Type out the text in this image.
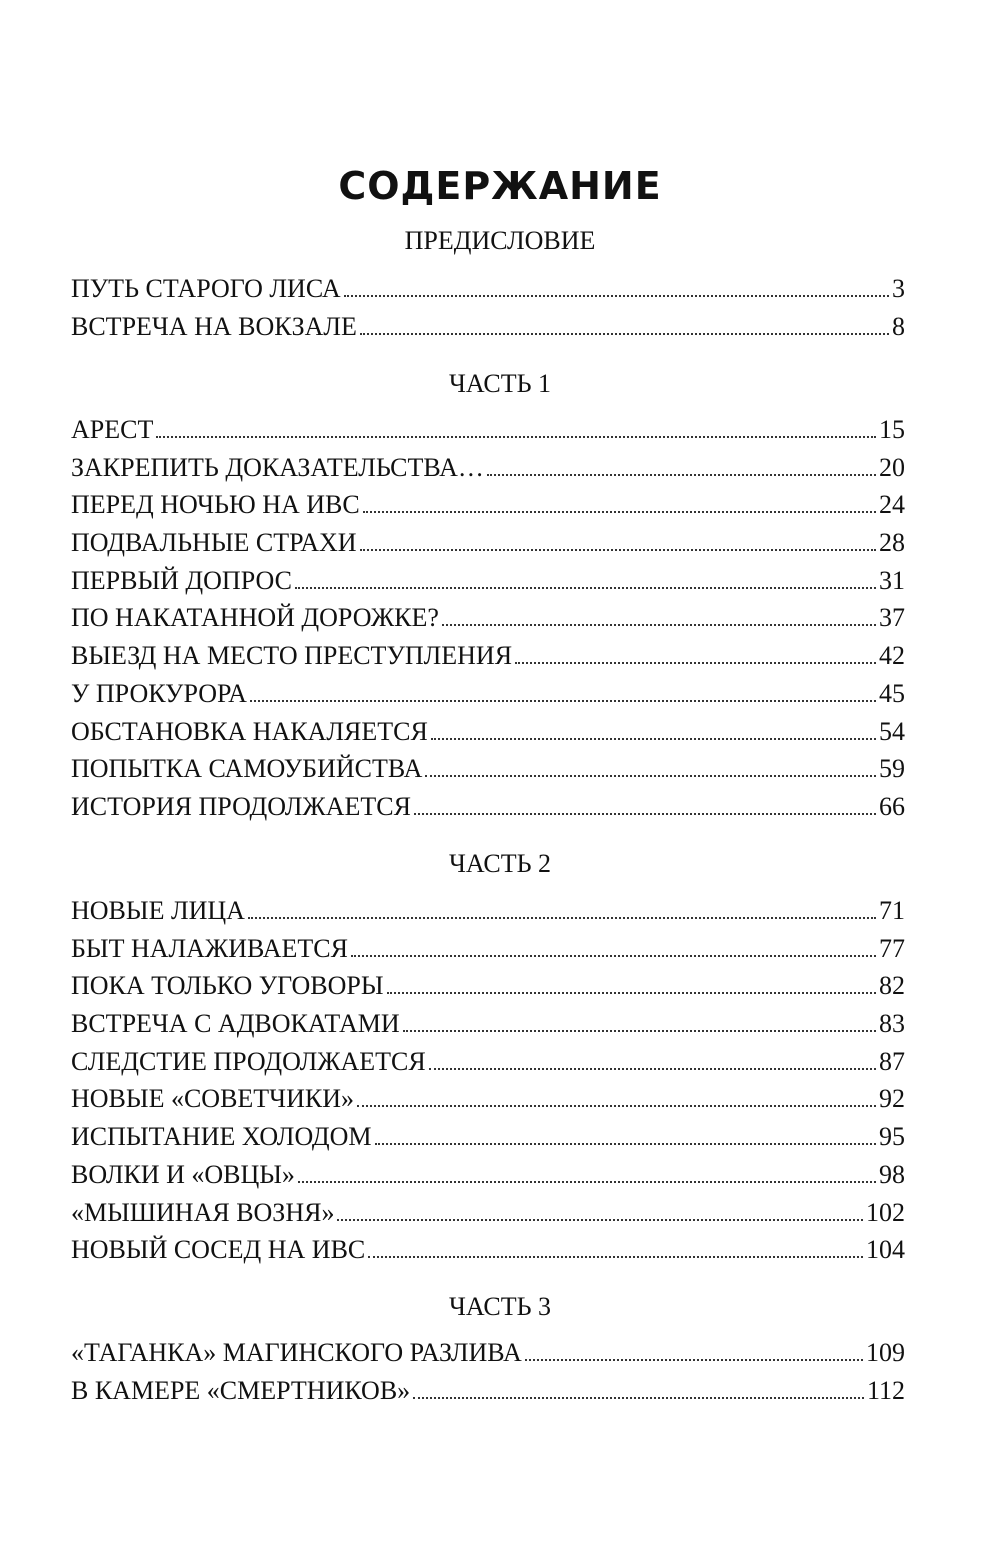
СОДЕРЖАНИЕ
ПРЕДИСЛОВИЕ
ПУТЬ СТАРОГО ЛИСА	3
ВСТРЕЧА НА ВОКЗАЛЕ	8
ЧАСТЬ 1
АРЕСТ	15
ЗАКРЕПИТЬ ДОКАЗАТЕЛЬСТВА…	20
ПЕРЕД НОЧЬЮ НА ИВС	24
ПОДВАЛЬНЫЕ СТРАХИ	28
ПЕРВЫЙ ДОПРОС	31
ПО НАКАТАННОЙ ДОРОЖКЕ?	37
ВЫЕЗД НА МЕСТО ПРЕСТУПЛЕНИЯ	42
У ПРОКУРОРА	45
ОБСТАНОВКА НАКАЛЯЕТСЯ	54
ПОПЫТКА САМОУБИЙСТВА	59
ИСТОРИЯ ПРОДОЛЖАЕТСЯ	66
ЧАСТЬ 2
НОВЫЕ ЛИЦА	71
БЫТ НАЛАЖИВАЕТСЯ	77
ПОКА ТОЛЬКО УГОВОРЫ	82
ВСТРЕЧА С АДВОКАТАМИ	83
СЛЕДСТИЕ ПРОДОЛЖАЕТСЯ	87
НОВЫЕ «СОВЕТЧИКИ»	92
ИСПЫТАНИЕ ХОЛОДОМ	95
ВОЛКИ И «ОВЦЫ»	98
«МЫШИНАЯ ВОЗНЯ»	102
НОВЫЙ СОСЕД НА ИВС	104
ЧАСТЬ 3
«ТАГАНКА» МАГИНСКОГО РАЗЛИВА	109
В КАМЕРЕ «СМЕРТНИКОВ»	112
